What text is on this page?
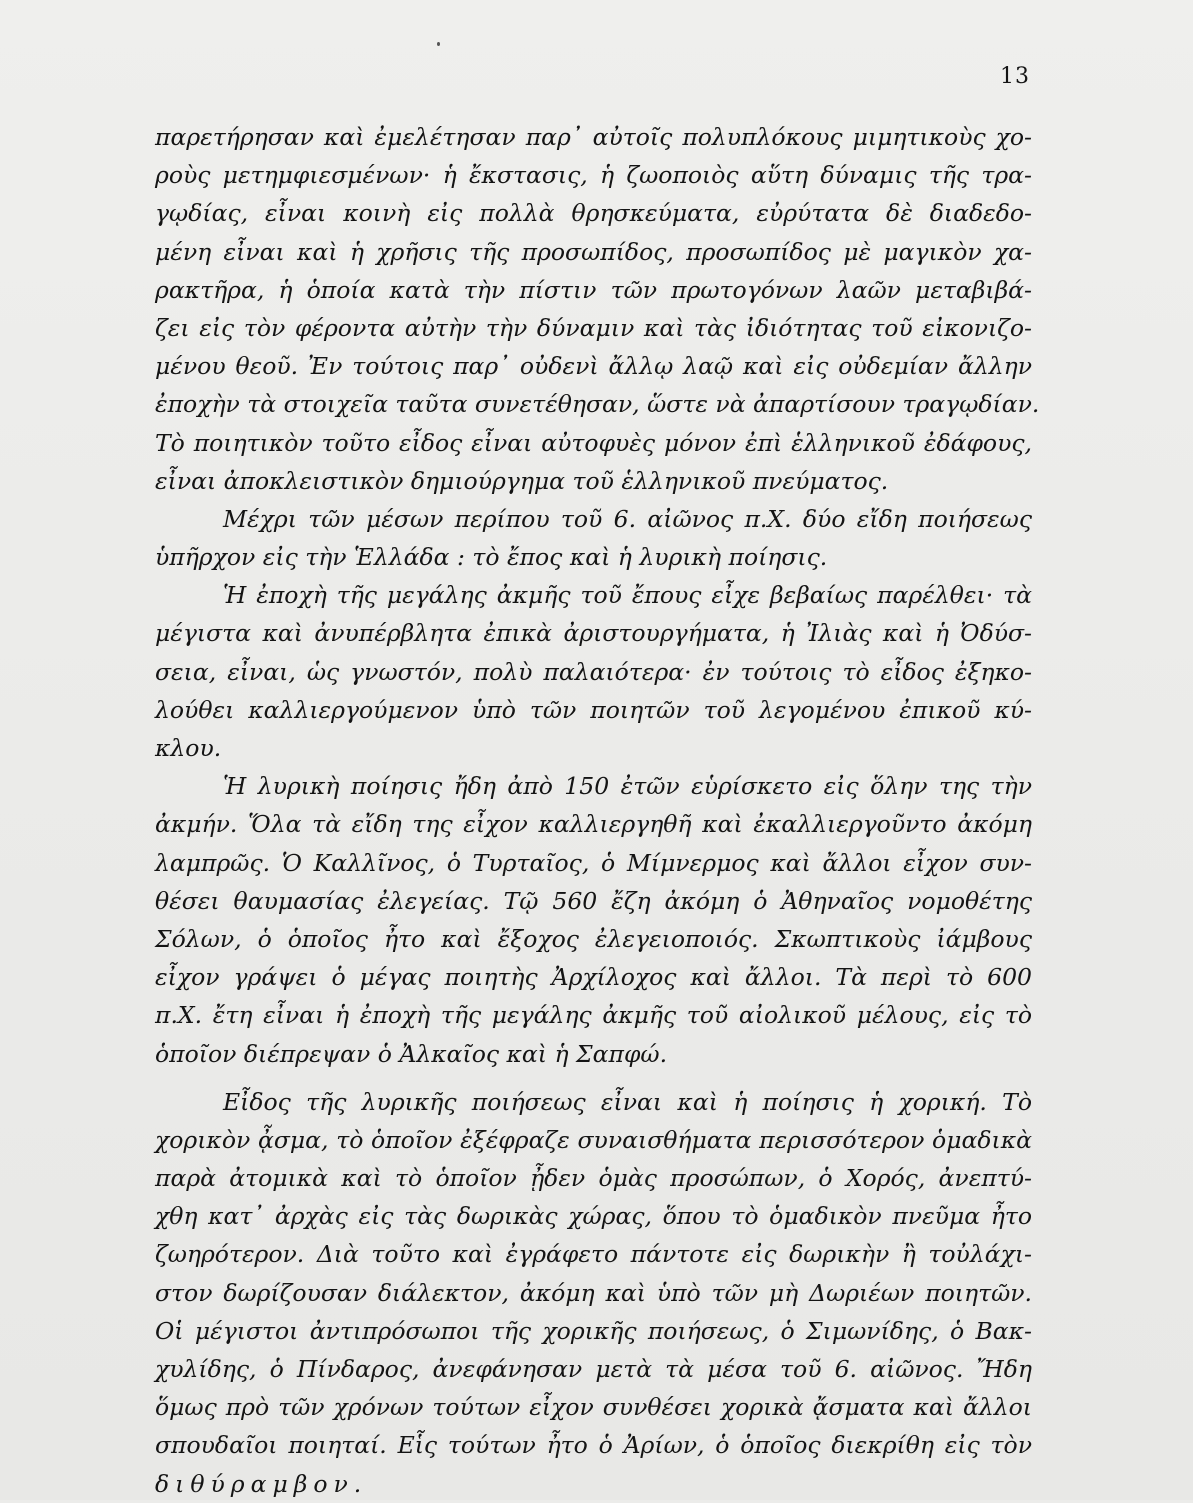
13
παρετήρησαν καὶ ἐμελέτησαν παρ᾿ αὐτοῖς πολυπλόκους μιμητικοὺς χο-
ροὺς μετημφιεσμένων· ἡ ἔκστασις, ἡ ζωοποιὸς αὕτη δύναμις τῆς τρα-
γῳδίας, εἶναι κοινὴ εἰς πολλὰ θρησκεύματα, εὐρύτατα δὲ διαδεδο-
μένη εἶναι καὶ ἡ χρῆσις τῆς προσωπίδος, προσωπίδος μὲ μαγικὸν χα-
ρακτῆρα, ἡ ὁποία κατὰ τὴν πίστιν τῶν πρωτογόνων λαῶν μεταβιβά-
ζει εἰς τὸν φέροντα αὐτὴν τὴν δύναμιν καὶ τὰς ἰδιότητας τοῦ εἰκονιζο-
μένου θεοῦ. Ἐν τούτοις παρ᾿ οὐδενὶ ἄλλῳ λαῷ καὶ εἰς οὐδεμίαν ἄλλην
ἐποχὴν τὰ στοιχεῖα ταῦτα συνετέθησαν, ὥστε νὰ ἀπαρτίσουν τραγῳδίαν.
Τὸ ποιητικὸν τοῦτο εἶδος εἶναι αὐτοφυὲς μόνον ἐπὶ ἑλληνικοῦ ἐδάφους,
εἶναι ἀποκλειστικὸν δημιούργημα τοῦ ἑλληνικοῦ πνεύματος.
Μέχρι τῶν μέσων περίπου τοῦ 6. αἰῶνος π.Χ. δύο εἴδη ποιήσεως
ὑπῆρχον εἰς τὴν Ἑλλάδα : τὸ ἔπος καὶ ἡ λυρικὴ ποίησις.
Ἡ ἐποχὴ τῆς μεγάλης ἀκμῆς τοῦ ἔπους εἶχε βεβαίως παρέλθει· τὰ
μέγιστα καὶ ἀνυπέρβλητα ἐπικὰ ἀριστουργήματα, ἡ Ἰλιὰς καὶ ἡ Ὀδύσ-
σεια, εἶναι, ὡς γνωστόν, πολὺ παλαιότερα· ἐν τούτοις τὸ εἶδος ἐξηκο-
λούθει καλλιεργούμενον ὑπὸ τῶν ποιητῶν τοῦ λεγομένου ἐπικοῦ κύ-
κλου.
Ἡ λυρικὴ ποίησις ἤδη ἀπὸ 150 ἐτῶν εὑρίσκετο εἰς ὅλην της τὴν
ἀκμήν. Ὅλα τὰ εἴδη της εἶχον καλλιεργηθῆ καὶ ἐκαλλιεργοῦντο ἀκόμη
λαμπρῶς. Ὁ Καλλῖνος, ὁ Τυρταῖος, ὁ Μίμνερμος καὶ ἄλλοι εἶχον συν-
θέσει θαυμασίας ἐλεγείας. Τῷ 560 ἔζη ἀκόμη ὁ Ἀθηναῖος νομοθέτης
Σόλων, ὁ ὁποῖος ἦτο καὶ ἔξοχος ἐλεγειοποιός. Σκωπτικοὺς ἰάμβους
εἶχον γράψει ὁ μέγας ποιητὴς Ἀρχίλοχος καὶ ἄλλοι. Τὰ περὶ τὸ 600
π.Χ. ἔτη εἶναι ἡ ἐποχὴ τῆς μεγάλης ἀκμῆς τοῦ αἰολικοῦ μέλους, εἰς τὸ
ὁποῖον διέπρεψαν ὁ Ἀλκαῖος καὶ ἡ Σαπφώ.
Εἶδος τῆς λυρικῆς ποιήσεως εἶναι καὶ ἡ ποίησις ἡ χορική. Τὸ
χορικὸν ᾆσμα, τὸ ὁποῖον ἐξέφραζε συναισθήματα περισσότερον ὁμαδικὰ
παρὰ ἀτομικὰ καὶ τὸ ὁποῖον ᾖδεν ὁμὰς προσώπων, ὁ Χορός, ἀνεπτύ-
χθη κατ᾿ ἀρχὰς εἰς τὰς δωρικὰς χώρας, ὅπου τὸ ὁμαδικὸν πνεῦμα ἦτο
ζωηρότερον. Διὰ τοῦτο καὶ ἐγράφετο πάντοτε εἰς δωρικὴν ἢ τοὐλάχι-
στον δωρίζουσαν διάλεκτον, ἀκόμη καὶ ὑπὸ τῶν μὴ Δωριέων ποιητῶν.
Οἱ μέγιστοι ἀντιπρόσωποι τῆς χορικῆς ποιήσεως, ὁ Σιμωνίδης, ὁ Βακ-
χυλίδης, ὁ Πίνδαρος, ἀνεφάνησαν μετὰ τὰ μέσα τοῦ 6. αἰῶνος. Ἤδη
ὅμως πρὸ τῶν χρόνων τούτων εἶχον συνθέσει χορικὰ ᾄσματα καὶ ἄλλοι
σπουδαῖοι ποιηταί. Εἷς τούτων ἦτο ὁ Ἀρίων, ὁ ὁποῖος διεκρίθη εἰς τὸν
διθύραμβον.
